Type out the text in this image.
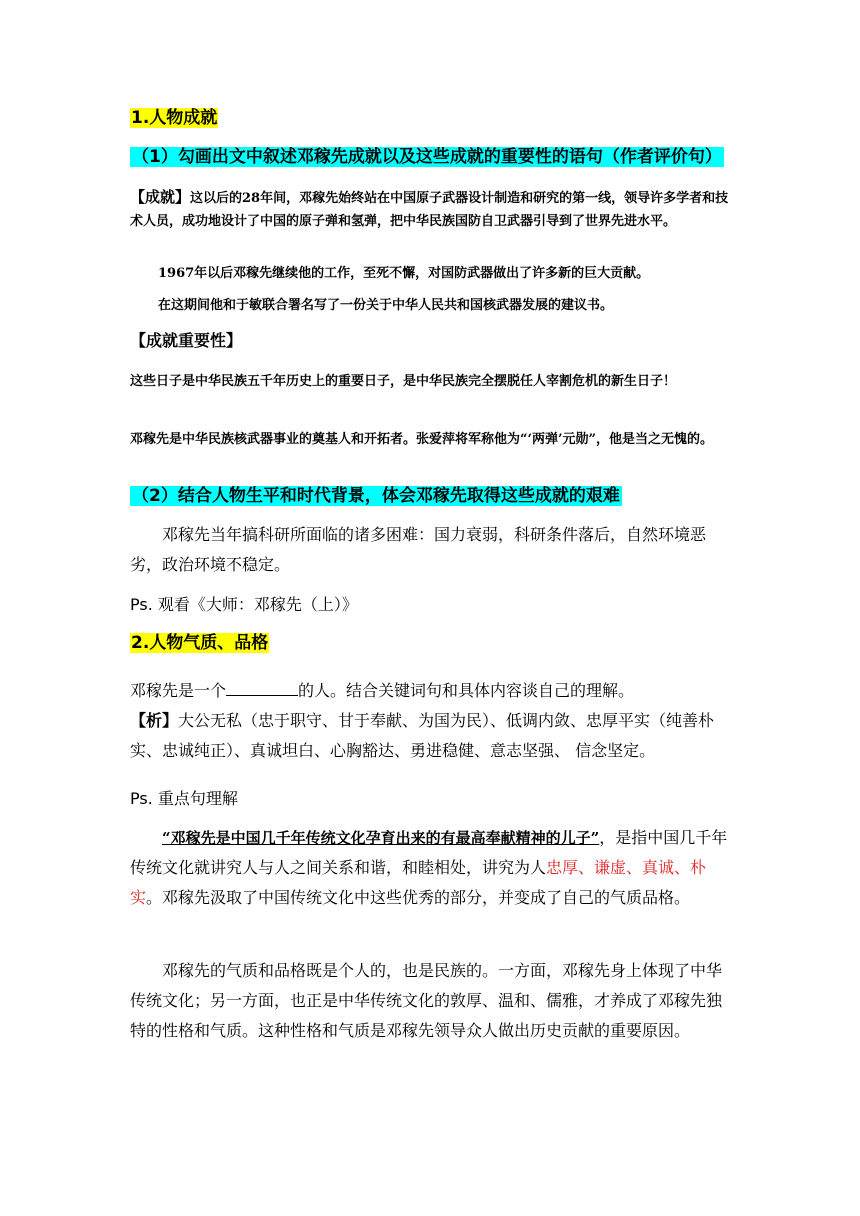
1.人物成就

（1）勾画出文中叙述邓稼先成就以及这些成就的重要性的语句（作者评价句）

【成就】这以后的28年间，邓稼先始终站在中国原子武器设计制造和研究的第一线，领导许多学者和技术人员，成功地设计了中国的原子弹和氢弹，把中华民族国防自卫武器引导到了世界先进水平。

1967年以后邓稼先继续他的工作，至死不懈，对国防武器做出了许多新的巨大贡献。

在这期间他和于敏联合署名写了一份关于中华人民共和国核武器发展的建议书。

【成就重要性】

这些日子是中华民族五千年历史上的重要日子，是中华民族完全摆脱任人宰割危机的新生日子！

邓稼先是中华民族核武器事业的奠基人和开拓者。张爱萍将军称他为“‘两弹’元勋”，他是当之无愧的。

（2）结合人物生平和时代背景，体会邓稼先取得这些成就的艰难

邓稼先当年搞科研所面临的诸多困难：国力衰弱，科研条件落后，自然环境恶劣，政治环境不稳定。

Ps. 观看《大师：邓稼先（上）》

2.人物气质、品格

邓稼先是一个	的人。结合关键词句和具体内容谈自己的理解。

【析】大公无私（忠于职守、甘于奉献、为国为民）、低调内敛、忠厚平实（纯善朴实、忠诚纯正）、真诚坦白、心胸豁达、勇进稳健、意志坚强、 信念坚定。

Ps. 重点句理解

“邓稼先是中国几千年传统文化孕育出来的有最高奉献精神的儿子”，是指中国几千年传统文化就讲究人与人之间关系和谐，和睦相处，讲究为人忠厚、谦虚、真诚、朴实。邓稼先汲取了中国传统文化中这些优秀的部分，并变成了自己的气质品格。

邓稼先的气质和品格既是个人的，也是民族的。一方面，邓稼先身上体现了中华传统文化；另一方面，也正是中华传统文化的敦厚、温和、儒雅，才养成了邓稼先独特的性格和气质。这种性格和气质是邓稼先领导众人做出历史贡献的重要原因。
